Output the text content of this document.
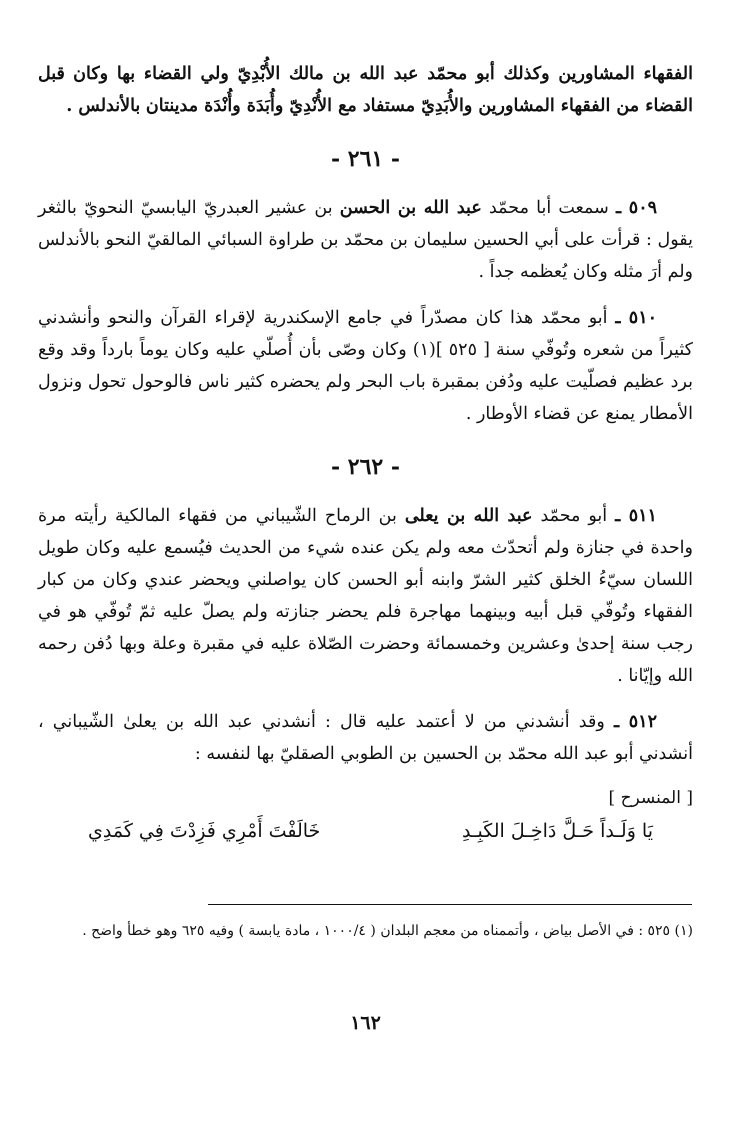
الفقهاء المشاورين وكذلك أبو محمّد عبد الله بن مالك الأُبْدِيّ ولي القضاء بها وكان قبل القضاء من الفقهاء المشاورين والأُبَدِيّ مستفاد مع الأُنْدِيّ وأُبَدَة وأُنْدَة مدينتان بالأندلس .

- ٢٦١ -

٥٠٩ ـ سمعت أبا محمّد عبد الله بن الحسن بن عشير العبدريّ اليابسيّ النحويّ بالثغر يقول : قرأت على أبي الحسين سليمان بن محمّد بن طراوة السبائي المالقيّ النحو بالأندلس ولم أرَ مثله وكان يُعظمه جداً .

٥١٠ ـ أبو محمّد هذا كان مصدّراً في جامع الإسكندرية لإقراء القرآن والنحو وأنشدني كثيراً من شعره وتُوفّي سنة [ ٥٢٥ ](١) وكان وصّى بأن أُصلّي عليه وكان يوماً بارداً وقد وقع برد عظيم فصلّيت عليه ودُفن بمقبرة باب البحر ولم يحضره كثير ناس فالوحول تحول ونزول الأمطار يمنع عن قضاء الأوطار .

- ٢٦٢ -

٥١١ ـ أبو محمّد عبد الله بن يعلى بن الرماح الشّيباني من فقهاء المالكية رأيته مرة واحدة في جنازة ولم أتحدّث معه ولم يكن عنده شيء من الحديث فيُسمع عليه وكان طويل اللسان سيّءُ الخلق كثير الشرّ وابنه أبو الحسن كان يواصلني ويحضر عندي وكان من كبار الفقهاء وتُوفّي قبل أبيه وبينهما مهاجرة فلم يحضر جنازته ولم يصلّ عليه ثمّ تُوفّي هو في رجب سنة إحدىٰ وعشرين وخمسمائة وحضرت الصّلاة عليه في مقبرة وعلة وبها دُفن رحمه الله وإيّانا .

٥١٢ ـ وقد أنشدني من لا أعتمد عليه قال : أنشدني عبد الله بن يعلىٰ الشّيباني ، أنشدني أبو عبد الله محمّد بن الحسين بن الطوبي الصقليّ بها لنفسه :

[ المنسرح ]
يَا وَلَـداً حَـلَّ دَاخِـلَ الكَبِـدِ
خَالَفْتَ أَمْرِي فَزِدْتَ فِي كَمَدِي
(١) ٥٢٥ : في الأصل بياض ، وأتممناه من معجم البلدان ( ١٠٠٠/٤ ، مادة يابسة ) وفيه ٦٢٥ وهو خطأ واضح .
١٦٢
